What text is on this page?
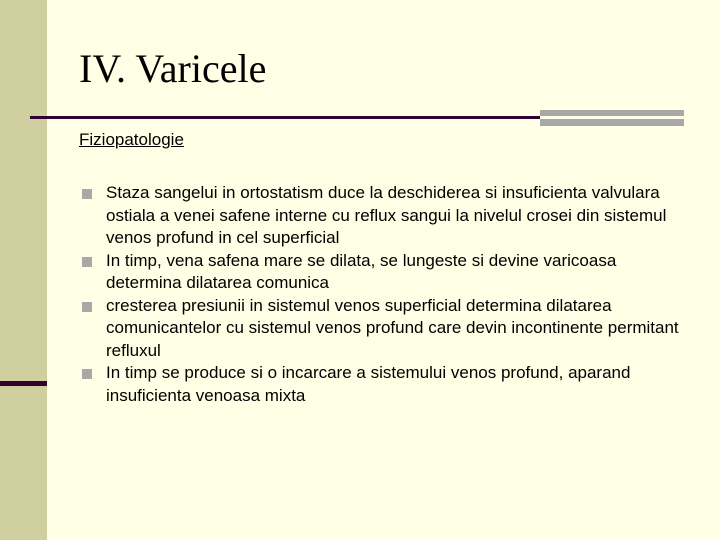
IV. Varicele
Fiziopatologie
Staza sangelui in ortostatism duce la deschiderea si insuficienta valvulara ostiala a venei safene interne cu reflux sangui la nivelul crosei din sistemul venos profund in cel superficial
In timp, vena safena mare se dilata, se lungeste si devine varicoasa determina dilatarea comunica
cresterea presiunii in sistemul venos superficial determina dilatarea comunicantelor cu sistemul venos profund care devin incontinente permitant refluxul
In timp se produce si o incarcare a sistemului venos profund, aparand insuficienta venoasa mixta
